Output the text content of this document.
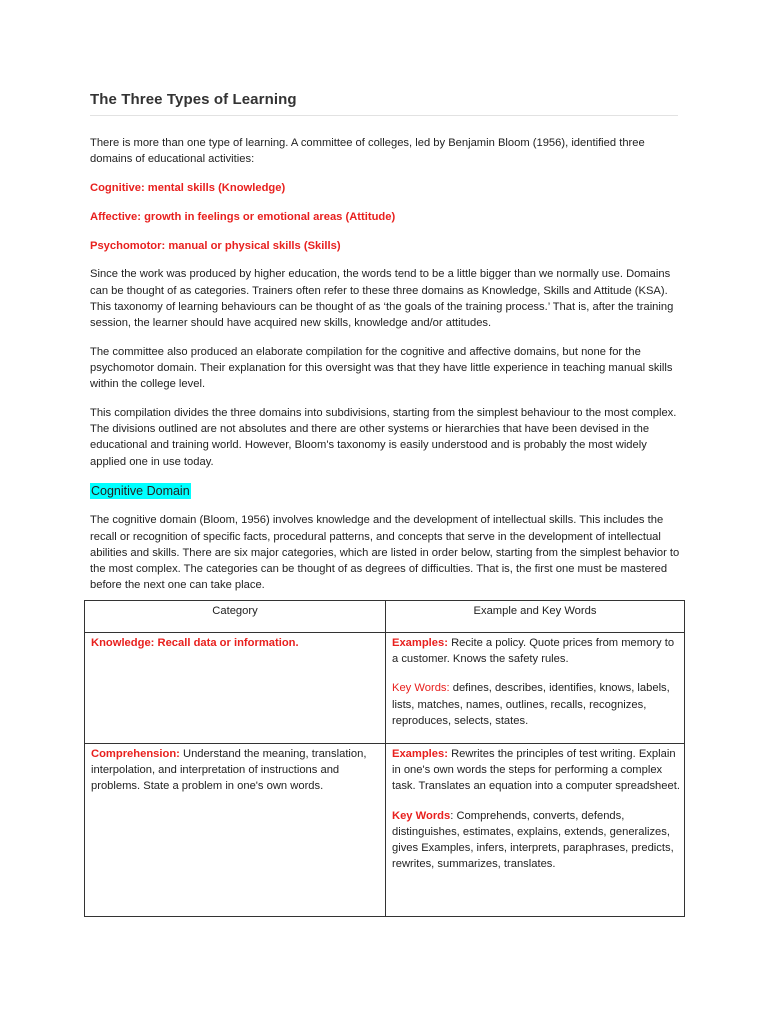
The Three Types of Learning

There is more than one type of learning. A committee of colleges, led by Benjamin Bloom (1956), identified three domains of educational activities:

Cognitive: mental skills (Knowledge)

Affective: growth in feelings or emotional areas (Attitude)

Psychomotor: manual or physical skills (Skills)

Since the work was produced by higher education, the words tend to be a little bigger than we normally use. Domains can be thought of as categories. Trainers often refer to these three domains as Knowledge, Skills and Attitude (KSA). This taxonomy of learning behaviours can be thought of as ‘the goals of the training process.’ That is, after the training session, the learner should have acquired new skills, knowledge and/or attitudes.

The committee also produced an elaborate compilation for the cognitive and affective domains, but none for the psychomotor domain. Their explanation for this oversight was that they have little experience in teaching manual skills within the college level.

This compilation divides the three domains into subdivisions, starting from the simplest behaviour to the most complex. The divisions outlined are not absolutes and there are other systems or hierarchies that have been devised in the educational and training world. However, Bloom's taxonomy is easily understood and is probably the most widely applied one in use today.

Cognitive Domain

The cognitive domain (Bloom, 1956) involves knowledge and the development of intellectual skills. This includes the recall or recognition of specific facts, procedural patterns, and concepts that serve in the development of intellectual abilities and skills. There are six major categories, which are listed in order below, starting from the simplest behavior to the most complex. The categories can be thought of as degrees of difficulties. That is, the first one must be mastered before the next one can take place.

Category	Example and Key Words
Knowledge: Recall data or information.	Examples: Recite a policy. Quote prices from memory to a customer. Knows the safety rules.

Key Words: defines, describes, identifies, knows, labels, lists, matches, names, outlines, recalls, recognizes, reproduces, selects, states.

Comprehension: Understand the meaning, translation, interpolation, and interpretation of instructions and problems. State a problem in one's own words.

Examples: Rewrites the principles of test writing. Explain in one's own words the steps for performing a complex task. Translates an equation into a computer spreadsheet.

Key Words: Comprehends, converts, defends, distinguishes, estimates, explains, extends, generalizes, gives Examples, infers, interprets, paraphrases, predicts, rewrites, summarizes, translates.
